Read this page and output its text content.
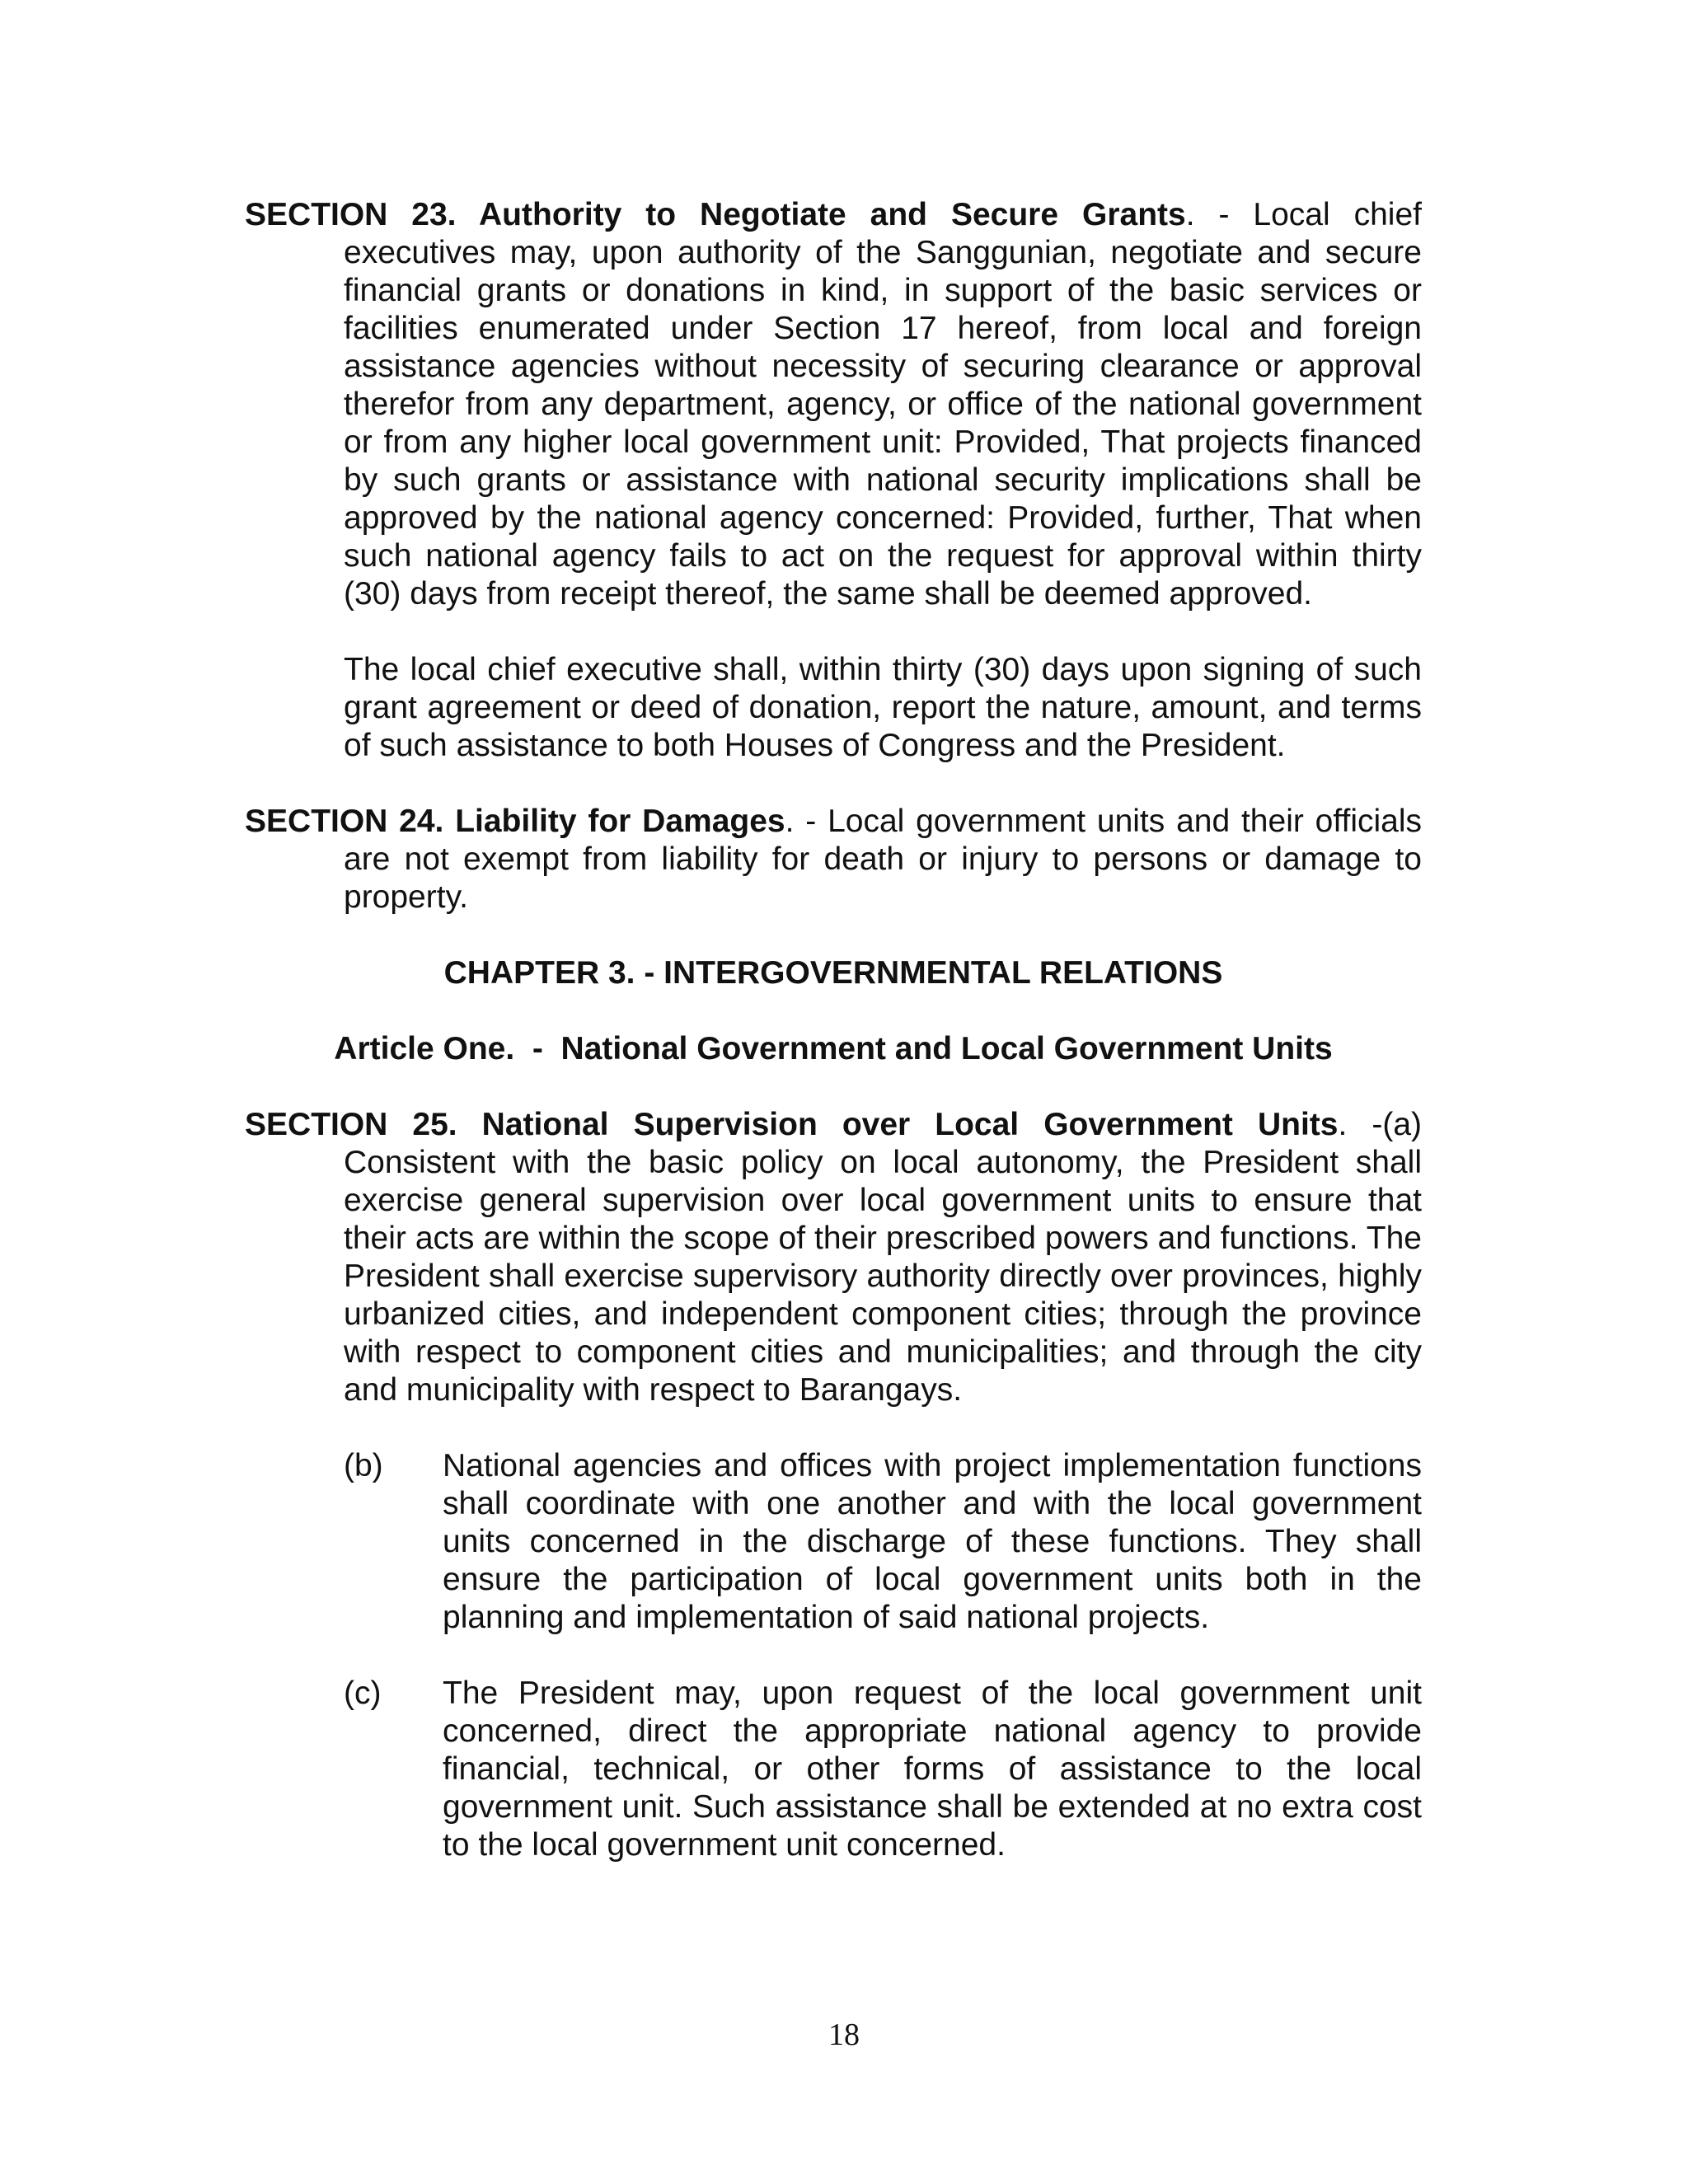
SECTION 23. Authority to Negotiate and Secure Grants. - Local chief executives may, upon authority of the Sanggunian, negotiate and secure financial grants or donations in kind, in support of the basic services or facilities enumerated under Section 17 hereof, from local and foreign assistance agencies without necessity of securing clearance or approval therefor from any department, agency, or office of the national government or from any higher local government unit: Provided, That projects financed by such grants or assistance with national security implications shall be approved by the national agency concerned: Provided, further, That when such national agency fails to act on the request for approval within thirty (30) days from receipt thereof, the same shall be deemed approved.

The local chief executive shall, within thirty (30) days upon signing of such grant agreement or deed of donation, report the nature, amount, and terms of such assistance to both Houses of Congress and the President.

SECTION 24. Liability for Damages. - Local government units and their officials are not exempt from liability for death or injury to persons or damage to property.

CHAPTER 3. - INTERGOVERNMENTAL RELATIONS

Article One.  -  National Government and Local Government Units

SECTION 25. National Supervision over Local Government Units. -(a) Consistent with the basic policy on local autonomy, the President shall exercise general supervision over local government units to ensure that their acts are within the scope of their prescribed powers and functions. The President shall exercise supervisory authority directly over provinces, highly urbanized cities, and independent component cities; through the province with respect to component cities and municipalities; and through the city and municipality with respect to Barangays.

(b)	National agencies and offices with project implementation functions shall coordinate with one another and with the local government units concerned in the discharge of these functions. They shall ensure the participation of local government units both in the planning and implementation of said national projects.
(c)	The President may, upon request of the local government unit concerned, direct the appropriate national agency to provide financial, technical, or other forms of assistance to the local government unit. Such assistance shall be extended at no extra cost to the local government unit concerned.
18
